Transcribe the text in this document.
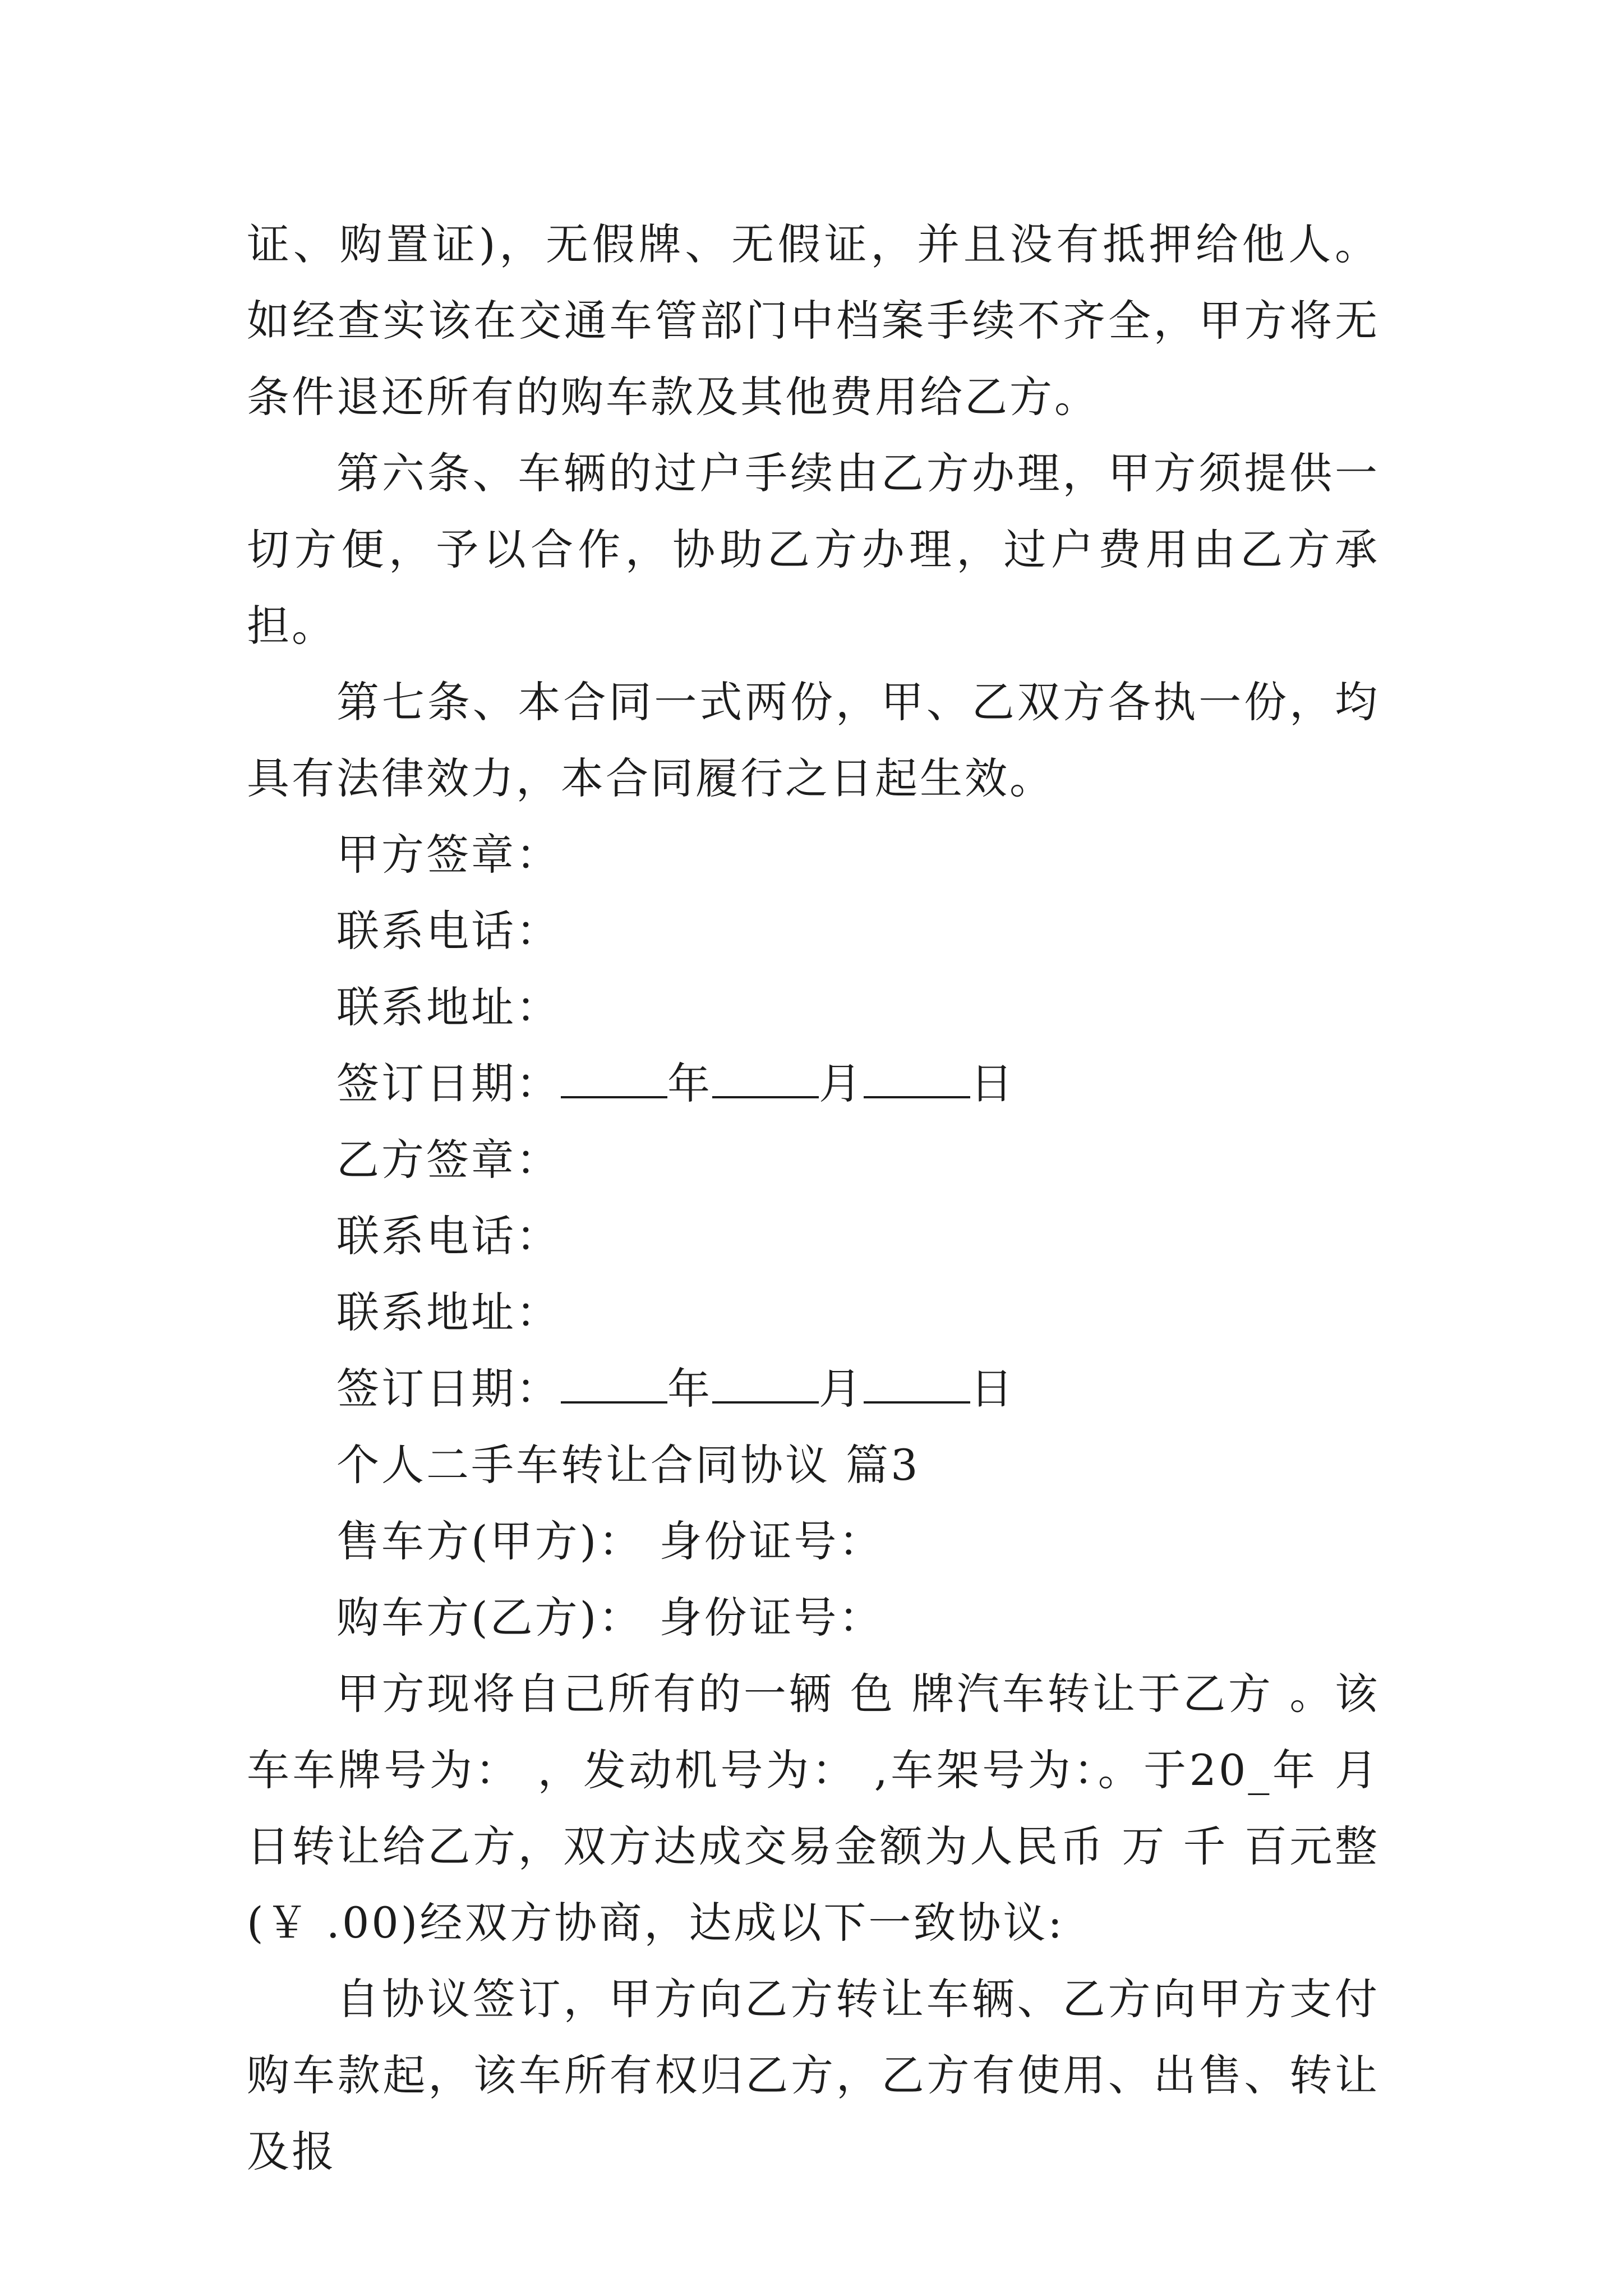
证、购置证)，无假牌、无假证，并且没有抵押给他人。如经查实该在交通车管部门中档案手续不齐全，甲方将无条件退还所有的购车款及其他费用给乙方。

第六条、车辆的过户手续由乙方办理，甲方须提供一切方便，予以合作，协助乙方办理，过户费用由乙方承担。

第七条、本合同一式两份，甲、乙双方各执一份，均具有法律效力，本合同履行之日起生效。

甲方签章：

联系电话：

联系地址：

签订日期：	年	月	日

乙方签章：

联系电话：

联系地址：

签订日期：	年	月	日

个人二手车转让合同协议 篇3

售车方(甲方)： 身份证号：

购车方(乙方)： 身份证号：

甲方现将自己所有的一辆 色 牌汽车转让于乙方 。该车车牌号为： ，发动机号为： ,车架号为：。于20_年 月日转让给乙方，双方达成交易金额为人民币 万 千 百元整(￥ .00)经双方协商，达成以下一致协议:

自协议签订，甲方向乙方转让车辆、乙方向甲方支付购车款起，该车所有权归乙方，乙方有使用、出售、转让及报
